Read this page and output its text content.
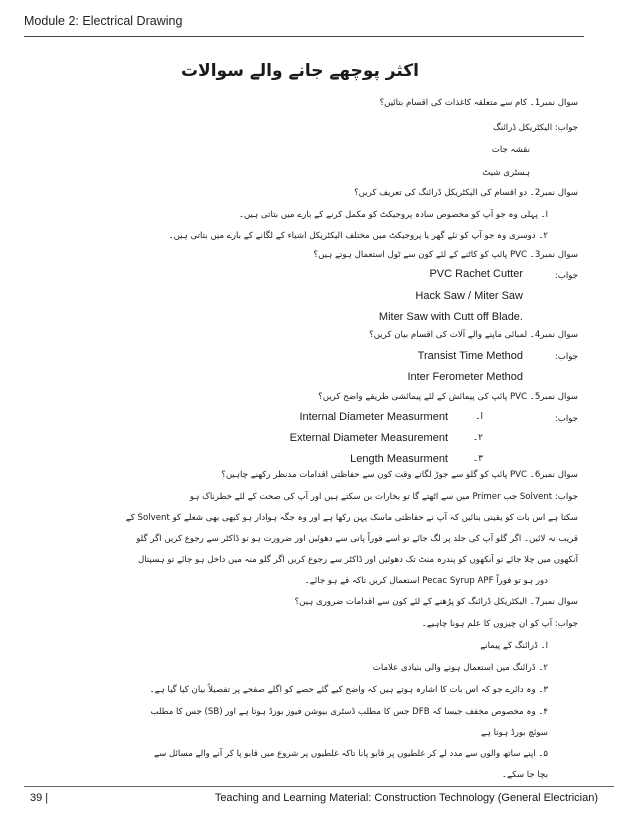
Module 2: Electrical Drawing
اکثر پوچھے جانے والے سوالات
سوال نمبر1۔ کام سے متعلقہ کاغذات کی اقسام بتائیں؟
جواب: الیکٹریکل ڈرائنگ
نقشہ جات
ہسٹری شیٹ
سوال نمبر2۔ دو اقسام کی الیکٹریکل ڈرائنگ کی تعریف کریں؟
ا۔ پہلی وہ جو آپ کو مخصوص سادہ پروجیکٹ کو مکمل کرنے کے بارے میں بتاتی ہیں۔
۲۔ دوسری وہ جو آپ کو نئے گھر یا پروجیکٹ میں مختلف الیکٹریکل اشیاء کے لگانے کے بارے میں بتاتی ہیں۔
سوال نمبر3۔ PVC پائپ کو کاٹنے کے لئے کون سے ٹول استعمال ہوتے ہیں؟
جواب:
سوال نمبر4۔ لمبائی ماپنے والے آلات کی اقسام بیان کریں؟
جواب:
سوال نمبر5۔ PVC پائپ کی پیمائش کے لئے پیمائشی طریقے واضح کریں؟
جواب:
سوال نمبر6۔ PVC پائپ کو گلو سے جوڑ لگاتے وقت کون سے حفاظتی اقدامات مدنظر رکھنے چاہیں؟
جواب: Solvent جب Primer میں سے اٹھتے گا تو بخارات بن سکتے ہیں اور آپ کی صحت کے لئے خطرناک ہو
سکتا ہے اس بات کو یقینی بنائیں کہ آپ نے حفاظتی ماسک پہن رکھا ہے اور وہ جگہ ہوادار ہو کبھی بھی شعلے کو Solvent کے
قریب نہ لائیں۔ اگر گلو آپ کی جلد پر لگ جائے تو اسے فوراً پانی سے دھوئیں اور ضرورت ہو تو ڈاکٹر سے رجوع کریں اگر گلو
آنکھوں میں چلا جائے تو آنکھوں کو پندرہ منٹ تک دھوئیں اور ڈاکٹر سے رجوع کریں اگر گلو منہ میں داخل ہو جائے تو ہسپتال
دور ہو تو فوراً Pecac Syrup APF استعمال کریں تاکہ قے ہو جائے۔
سوال نمبر7۔ الیکٹریکل ڈرائنگ کو پڑھنے کے لئے کون سے اقدامات ضروری ہیں؟
جواب: آپ کو ان چیزوں کا علم ہونا چاہیے۔
ا۔ ڈرائنگ کے پیمانے
۲۔ ڈرائنگ میں استعمال ہونے والی بنیادی علامات
۳۔ وہ دائرے جو کہ اس بات کا اشارہ ہوتے ہیں کہ واضح کیے گئے حصے کو اگلے صفحے پر تفصیلاً بیان کیا گیا ہے۔
۴۔ وہ مخصوص مخفف جیسا کہ DFB جس کا مطلب ڈسٹری بیوشن فیوز بورڈ ہوتا ہے اور (SB) جس کا مطلب
سوئچ بورڈ ہوتا ہے
۵۔ اپنے ساتھ والوں سے مدد لے کر غلطیوں پر قابو پانا تاکہ غلطیوں پر شروع میں قابو پا کر آنے والے مسائل سے
بچا جا سکے۔
PVC Rachet Cutter
Hack Saw / Miter Saw
Miter Saw with Cutt off Blade.
Transist Time Method
Inter Ferometer Method
Internal Diameter Measurment
External Diameter Measurement
Length Measurment
ا۔
۲۔
۳۔
39 |	Teaching and Learning Material: Construction Technology (General Electrician)
